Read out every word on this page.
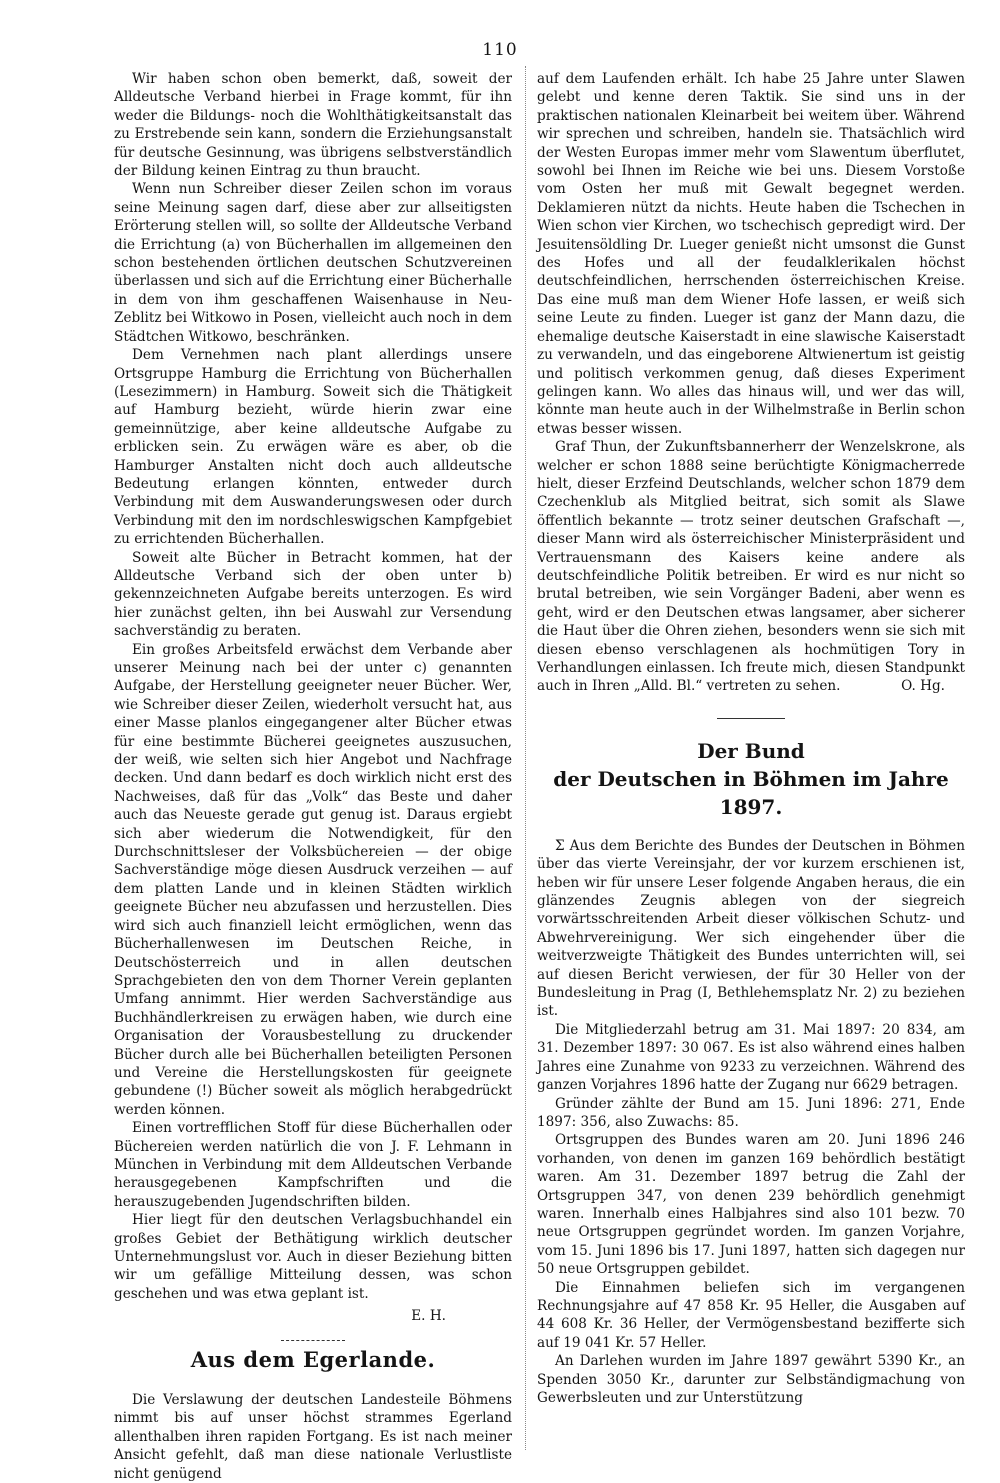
110

Wir haben schon oben bemerkt, daß, soweit der Alldeutsche Verband hierbei in Frage kommt, für ihn weder die Bildungs- noch die Wohlthätigkeitsanstalt das zu Erstrebende sein kann, sondern die Erziehungsanstalt für deutsche Gesinnung, was übrigens selbstverständlich der Bildung keinen Eintrag zu thun braucht.

Wenn nun Schreiber dieser Zeilen schon im voraus seine Meinung sagen darf, diese aber zur allseitigsten Erörterung stellen will, so sollte der Alldeutsche Verband die Errichtung (a) von Bücherhallen im allgemeinen den schon bestehenden örtlichen deutschen Schutzvereinen überlassen und sich auf die Errichtung einer Bücherhalle in dem von ihm geschaffenen Waisenhause in Neu-Zeblitz bei Witkowo in Posen, vielleicht auch noch in dem Städtchen Witkowo, beschränken.

Dem Vernehmen nach plant allerdings unsere Ortsgruppe Hamburg die Errichtung von Bücherhallen (Lesezimmern) in Hamburg. Soweit sich die Thätigkeit auf Hamburg bezieht, würde hierin zwar eine gemeinnützige, aber keine alldeutsche Aufgabe zu erblicken sein. Zu erwägen wäre es aber, ob die Hamburger Anstalten nicht doch auch alldeutsche Bedeutung erlangen könnten, entweder durch Verbindung mit dem Auswanderungswesen oder durch Verbindung mit den im nordschleswigschen Kampfgebiet zu errichtenden Bücherhallen.

Soweit alte Bücher in Betracht kommen, hat der Alldeutsche Verband sich der oben unter b) gekennzeichneten Aufgabe bereits unterzogen. Es wird hier zunächst gelten, ihn bei Auswahl zur Versendung sachverständig zu beraten.

Ein großes Arbeitsfeld erwächst dem Verbande aber unserer Meinung nach bei der unter c) genannten Aufgabe, der Herstellung geeigneter neuer Bücher. Wer, wie Schreiber dieser Zeilen, wiederholt versucht hat, aus einer Masse planlos eingegangener alter Bücher etwas für eine bestimmte Bücherei geeignetes auszusuchen, der weiß, wie selten sich hier Angebot und Nachfrage decken. Und dann bedarf es doch wirklich nicht erst des Nachweises, daß für das „Volk“ das Beste und daher auch das Neueste gerade gut genug ist. Daraus ergiebt sich aber wiederum die Notwendigkeit, für den Durchschnittsleser der Volksbüchereien — der obige Sachverständige möge diesen Ausdruck verzeihen — auf dem platten Lande und in kleinen Städten wirklich geeignete Bücher neu abzufassen und herzustellen. Dies wird sich auch finanziell leicht ermöglichen, wenn das Bücherhallenwesen im Deutschen Reiche, in Deutschösterreich und in allen deutschen Sprachgebieten den von dem Thorner Verein geplanten Umfang annimmt. Hier werden Sachverständige aus Buchhändlerkreisen zu erwägen haben, wie durch eine Organisation der Vorausbestellung zu druckender Bücher durch alle bei Bücherhallen beteiligten Personen und Vereine die Herstellungskosten für geeignete gebundene (!) Bücher soweit als möglich herabgedrückt werden können.

Einen vortrefflichen Stoff für diese Bücherhallen oder Büchereien werden natürlich die von J. F. Lehmann in München in Verbindung mit dem Alldeutschen Verbande herausgegebenen Kampfschriften und die herauszugebenden Jugendschriften bilden.

Hier liegt für den deutschen Verlagsbuchhandel ein großes Gebiet der Bethätigung wirklich deutscher Unternehmungslust vor. Auch in dieser Beziehung bitten wir um gefällige Mitteilung dessen, was schon geschehen und was etwa geplant ist.

E. H.
Aus dem Egerlande.

Die Verslawung der deutschen Landesteile Böhmens nimmt bis auf unser höchst strammes Egerland allenthalben ihren rapiden Fortgang. Es ist nach meiner Ansicht gefehlt, daß man diese nationale Verlustliste nicht genügend

auf dem Laufenden erhält. Ich habe 25 Jahre unter Slawen gelebt und kenne deren Taktik. Sie sind uns in der praktischen nationalen Kleinarbeit bei weitem über. Während wir sprechen und schreiben, handeln sie. Thatsächlich wird der Westen Europas immer mehr vom Slawentum überflutet, sowohl bei Ihnen im Reiche wie bei uns. Diesem Vorstoße vom Osten her muß mit Gewalt begegnet werden. Deklamieren nützt da nichts. Heute haben die Tschechen in Wien schon vier Kirchen, wo tschechisch gepredigt wird. Der Jesuitensöldling Dr. Lueger genießt nicht umsonst die Gunst des Hofes und all der feudalklerikalen höchst deutschfeindlichen, herrschenden österreichischen Kreise. Das eine muß man dem Wiener Hofe lassen, er weiß sich seine Leute zu finden. Lueger ist ganz der Mann dazu, die ehemalige deutsche Kaiserstadt in eine slawische Kaiserstadt zu verwandeln, und das eingeborene Altwienertum ist geistig und politisch verkommen genug, daß dieses Experiment gelingen kann. Wo alles das hinaus will, und wer das will, könnte man heute auch in der Wilhelmstraße in Berlin schon etwas besser wissen.

Graf Thun, der Zukunftsbannerherr der Wenzelskrone, als welcher er schon 1888 seine berüchtigte Königmacherrede hielt, dieser Erzfeind Deutschlands, welcher schon 1879 dem Czechenklub als Mitglied beitrat, sich somit als Slawe öffentlich bekannte — trotz seiner deutschen Grafschaft —, dieser Mann wird als österreichischer Ministerpräsident und Vertrauensmann des Kaisers keine andere als deutschfeindliche Politik betreiben. Er wird es nur nicht so brutal betreiben, wie sein Vorgänger Badeni, aber wenn es geht, wird er den Deutschen etwas langsamer, aber sicherer die Haut über die Ohren ziehen, besonders wenn sie sich mit diesen ebenso verschlagenen als hochmütigen Tory in Verhandlungen einlassen. Ich freute mich, diesen Standpunkt auch in Ihren „Alld. Bl.“ vertreten zu sehen.	O. Hg.

Der Bund
der Deutschen in Böhmen im Jahre 1897.

Σ Aus dem Berichte des Bundes der Deutschen in Böhmen über das vierte Vereinsjahr, der vor kurzem erschienen ist, heben wir für unsere Leser folgende Angaben heraus, die ein glänzendes Zeugnis ablegen von der siegreich vorwärtsschreitenden Arbeit dieser völkischen Schutz- und Abwehrvereinigung. Wer sich eingehender über die weitverzweigte Thätigkeit des Bundes unterrichten will, sei auf diesen Bericht verwiesen, der für 30 Heller von der Bundesleitung in Prag (I, Bethlehemsplatz Nr. 2) zu beziehen ist.

Die Mitgliederzahl betrug am 31. Mai 1897: 20 834, am 31. Dezember 1897: 30 067. Es ist also während eines halben Jahres eine Zunahme von 9233 zu verzeichnen. Während des ganzen Vorjahres 1896 hatte der Zugang nur 6629 betragen.

Gründer zählte der Bund am 15. Juni 1896: 271, Ende 1897: 356, also Zuwachs: 85.

Ortsgruppen des Bundes waren am 20. Juni 1896 246 vorhanden, von denen im ganzen 169 behördlich bestätigt waren. Am 31. Dezember 1897 betrug die Zahl der Ortsgruppen 347, von denen 239 behördlich genehmigt waren. Innerhalb eines Halbjahres sind also 101 bezw. 70 neue Ortsgruppen gegründet worden. Im ganzen Vorjahre, vom 15. Juni 1896 bis 17. Juni 1897, hatten sich dagegen nur 50 neue Ortsgruppen gebildet.

Die Einnahmen beliefen sich im vergangenen Rechnungsjahre auf 47 858 Kr. 95 Heller, die Ausgaben auf 44 608 Kr. 36 Heller, der Vermögensbestand bezifferte sich auf 19 041 Kr. 57 Heller.

An Darlehen wurden im Jahre 1897 gewährt 5390 Kr., an Spenden 3050 Kr., darunter zur Selbständigmachung von Gewerbsleuten und zur Unterstützung
